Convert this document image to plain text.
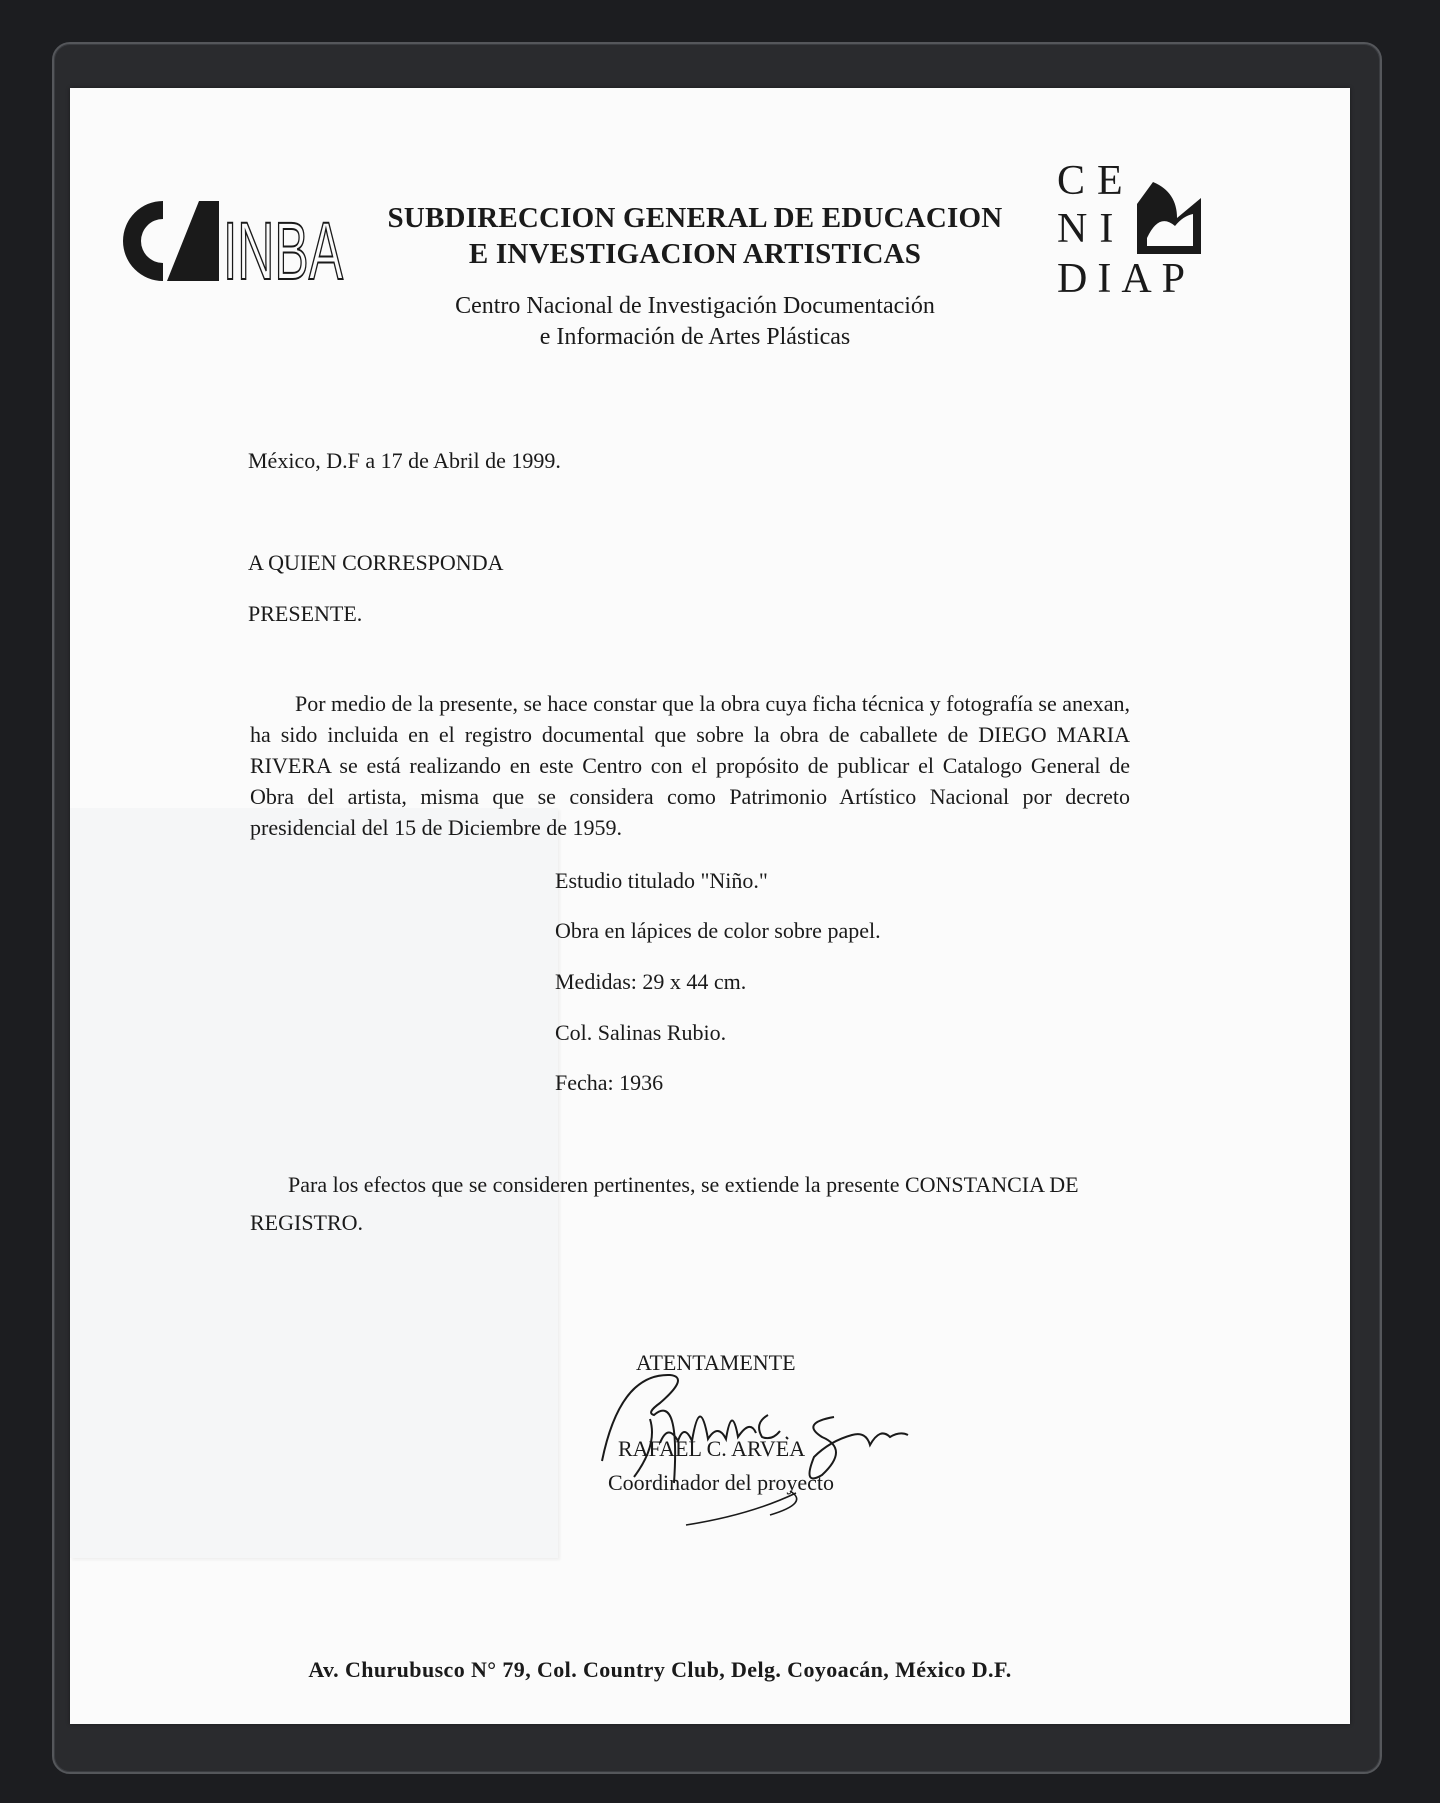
INBA	SUBDIRECCION GENERAL DE EDUCACION
E INVESTIGACION ARTISTICAS
Centro Nacional de Investigación Documentación
e Información de Artes Plásticas
CE
NI
DIAP
México, D.F a 17 de Abril de 1999.
A QUIEN CORRESPONDA
PRESENTE.
Por medio de la presente, se hace constar que la obra cuya ficha técnica y fotografía se anexan, ha sido incluida en el registro documental que sobre la obra de caballete de DIEGO MARIA RIVERA se está realizando en este Centro con el propósito de publicar el Catalogo General de Obra del artista, misma que se considera como Patrimonio Artístico Nacional por decreto presidencial del 15 de Diciembre de 1959.
Estudio titulado "Niño."
Obra en lápices de color sobre papel.
Medidas: 29 x 44 cm.
Col. Salinas Rubio.
Fecha: 1936
Para los efectos que se consideren pertinentes, se extiende la presente CONSTANCIA DE REGISTRO.
ATENTAMENTE
RAFAEL C. ARVEA
Coordinador del proyecto
Av. Churubusco N° 79, Col. Country Club, Delg. Coyoacán, México D.F.
